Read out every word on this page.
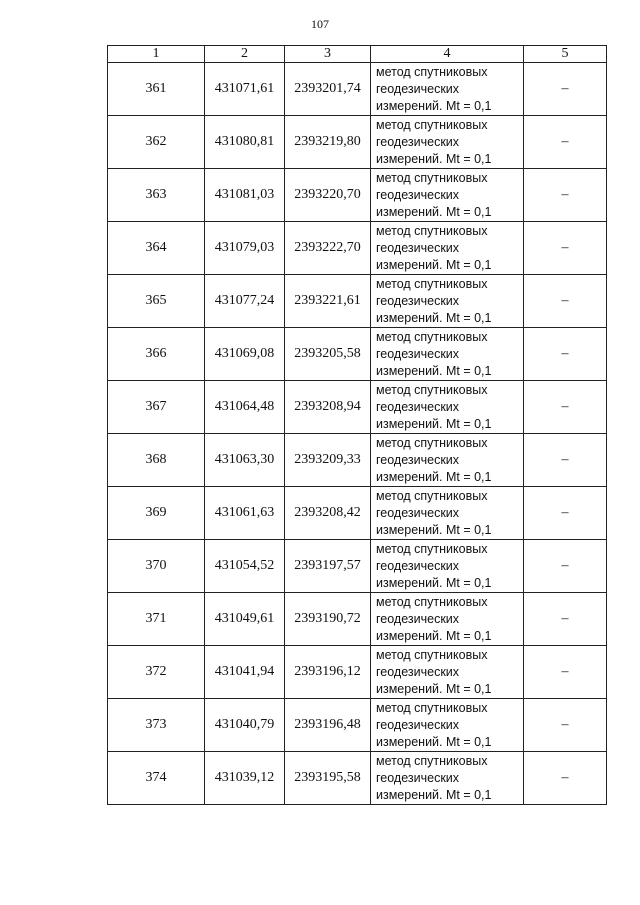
107
1	2	3	4	5
361	431071,61	2393201,74	метод спутниковых
геодезических
измерений. Mt = 0,1	–
362	431080,81	2393219,80	метод спутниковых
геодезических
измерений. Mt = 0,1	–
363	431081,03	2393220,70	метод спутниковых
геодезических
измерений. Mt = 0,1	–
364	431079,03	2393222,70	метод спутниковых
геодезических
измерений. Mt = 0,1	–
365	431077,24	2393221,61	метод спутниковых
геодезических
измерений. Mt = 0,1	–
366	431069,08	2393205,58	метод спутниковых
геодезических
измерений. Mt = 0,1	–
367	431064,48	2393208,94	метод спутниковых
геодезических
измерений. Mt = 0,1	–
368	431063,30	2393209,33	метод спутниковых
геодезических
измерений. Mt = 0,1	–
369	431061,63	2393208,42	метод спутниковых
геодезических
измерений. Mt = 0,1	–
370	431054,52	2393197,57	метод спутниковых
геодезических
измерений. Mt = 0,1	–
371	431049,61	2393190,72	метод спутниковых
геодезических
измерений. Mt = 0,1	–
372	431041,94	2393196,12	метод спутниковых
геодезических
измерений. Mt = 0,1	–
373	431040,79	2393196,48	метод спутниковых
геодезических
измерений. Mt = 0,1	–
374	431039,12	2393195,58	метод спутниковых
геодезических
измерений. Mt = 0,1	–
